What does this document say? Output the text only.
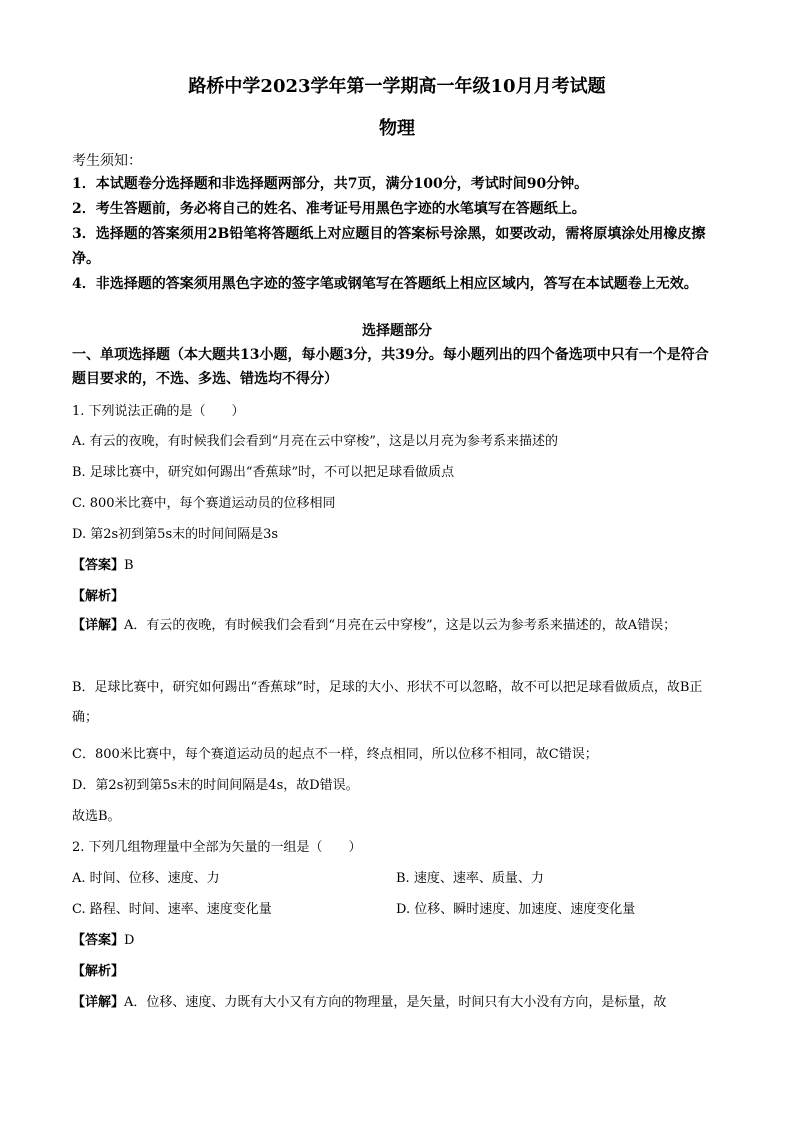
路桥中学2023学年第一学期高一年级10月月考试题
物理
考生须知：
1．本试题卷分选择题和非选择题两部分，共7页，满分100分，考试时间90分钟。
2．考生答题前，务必将自己的姓名、准考证号用黑色字迹的水笔填写在答题纸上。
3．选择题的答案须用2B铅笔将答题纸上对应题目的答案标号涂黑，如要改动，需将原填涂处用橡皮擦净。
4．非选择题的答案须用黑色字迹的签字笔或钢笔写在答题纸上相应区域内，答写在本试题卷上无效。
选择题部分
一、单项选择题（本大题共13小题，每小题3分，共39分。每小题列出的四个备选项中只有一个是符合题目要求的，不选、多选、错选均不得分）
1. 下列说法正确的是（　　）
A. 有云的夜晚，有时候我们会看到“月亮在云中穿梭”，这是以月亮为参考系来描述的
B. 足球比赛中，研究如何踢出“香蕉球”时，不可以把足球看做质点
C. 800米比赛中，每个赛道运动员的位移相同
D. 第2s初到第5s末的时间间隔是3s
【答案】B
【解析】
【详解】A．有云的夜晚，有时候我们会看到“月亮在云中穿梭”，这是以云为参考系来描述的，故A错误；
B．足球比赛中，研究如何踢出“香蕉球”时，足球的大小、形状不可以忽略，故不可以把足球看做质点，故B正确；
C．800米比赛中，每个赛道运动员的起点不一样，终点相同，所以位移不相同，故C错误；
D．第2s初到第5s末的时间间隔是4s，故D错误。
故选B。
2. 下列几组物理量中全部为矢量的一组是（　　）
A. 时间、位移、速度、力	B. 速度、速率、质量、力
C. 路程、时间、速率、速度变化量	D. 位移、瞬时速度、加速度、速度变化量
【答案】D
【解析】
【详解】A．位移、速度、力既有大小又有方向的物理量，是矢量，时间只有大小没有方向，是标量，故
